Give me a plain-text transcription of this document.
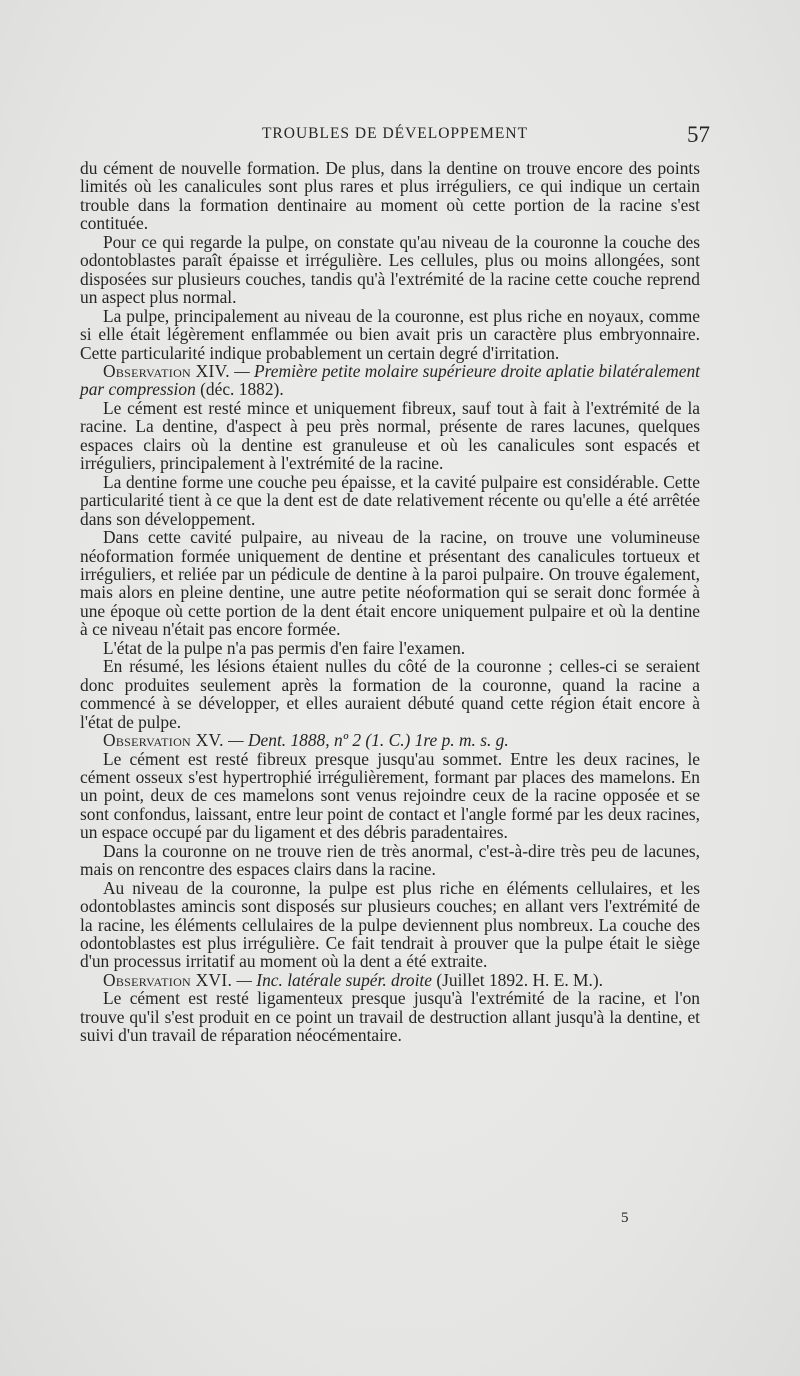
TROUBLES DE DÉVELOPPEMENT	57

du cément de nouvelle formation. De plus, dans la dentine on trouve encore des points limités où les canalicules sont plus rares et plus irréguliers, ce qui indique un certain trouble dans la formation dentinaire au moment où cette portion de la racine s'est contituée.

Pour ce qui regarde la pulpe, on constate qu'au niveau de la couronne la couche des odontoblastes paraît épaisse et irrégulière. Les cellules, plus ou moins allongées, sont disposées sur plusieurs couches, tandis qu'à l'extrémité de la racine cette couche reprend un aspect plus normal.

La pulpe, principalement au niveau de la couronne, est plus riche en noyaux, comme si elle était légèrement enflammée ou bien avait pris un caractère plus embryonnaire. Cette particularité indique probablement un certain degré d'irritation.

Observation XIV. — Première petite molaire supérieure droite aplatie bilatéralement par compression (déc. 1882).

Le cément est resté mince et uniquement fibreux, sauf tout à fait à l'extrémité de la racine. La dentine, d'aspect à peu près normal, présente de rares lacunes, quelques espaces clairs où la dentine est granuleuse et où les canalicules sont espacés et irréguliers, principalement à l'extrémité de la racine.

La dentine forme une couche peu épaisse, et la cavité pulpaire est considérable. Cette particularité tient à ce que la dent est de date relativement récente ou qu'elle a été arrêtée dans son développement.

Dans cette cavité pulpaire, au niveau de la racine, on trouve une volumineuse néoformation formée uniquement de dentine et présentant des canalicules tortueux et irréguliers, et reliée par un pédicule de dentine à la paroi pulpaire. On trouve également, mais alors en pleine dentine, une autre petite néoformation qui se serait donc formée à une époque où cette portion de la dent était encore uniquement pulpaire et où la dentine à ce niveau n'était pas encore formée.

L'état de la pulpe n'a pas permis d'en faire l'examen.

En résumé, les lésions étaient nulles du côté de la couronne ; celles-ci se seraient donc produites seulement après la formation de la couronne, quand la racine a commencé à se développer, et elles auraient débuté quand cette région était encore à l'état de pulpe.

Observation XV. — Dent. 1888, nº 2 (1. C.) 1re p. m. s. g.

Le cément est resté fibreux presque jusqu'au sommet. Entre les deux racines, le cément osseux s'est hypertrophié irrégulièrement, formant par places des mamelons. En un point, deux de ces mamelons sont venus rejoindre ceux de la racine opposée et se sont confondus, laissant, entre leur point de contact et l'angle formé par les deux racines, un espace occupé par du ligament et des débris paradentaires.

Dans la couronne on ne trouve rien de très anormal, c'est-à-dire très peu de lacunes, mais on rencontre des espaces clairs dans la racine.

Au niveau de la couronne, la pulpe est plus riche en éléments cellulaires, et les odontoblastes amincis sont disposés sur plusieurs couches; en allant vers l'extrémité de la racine, les éléments cellulaires de la pulpe deviennent plus nombreux. La couche des odontoblastes est plus irrégulière. Ce fait tendrait à prouver que la pulpe était le siège d'un processus irritatif au moment où la dent a été extraite.

Observation XVI. — Inc. latérale supér. droite (Juillet 1892. H. E. M.).

Le cément est resté ligamenteux presque jusqu'à l'extrémité de la racine, et l'on trouve qu'il s'est produit en ce point un travail de destruction allant jusqu'à la dentine, et suivi d'un travail de réparation néocémentaire.

5
